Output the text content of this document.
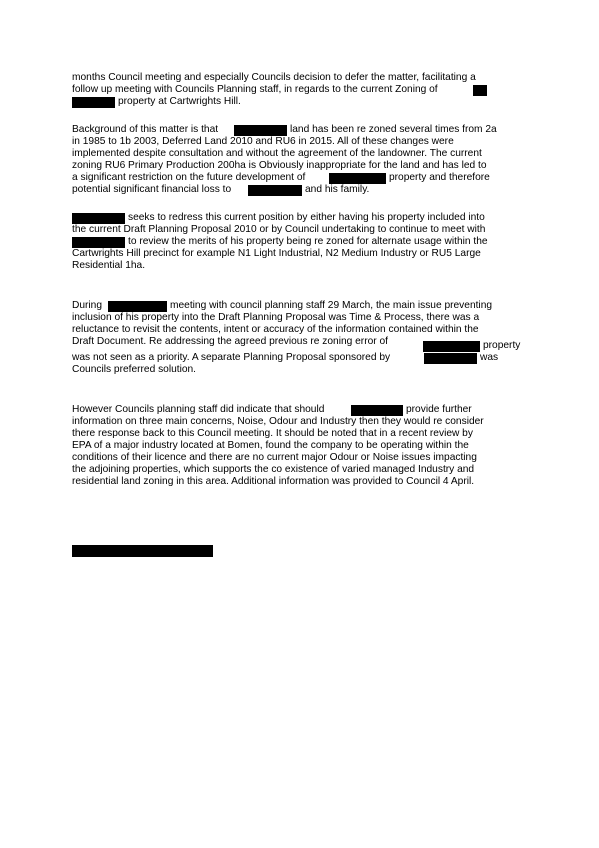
months Council meeting and especially Councils decision to defer the matter, facilitating a

follow up meeting with Councils Planning staff, in regards to the current Zoning of

property at Cartwrights Hill.

Background of this matter is that	land has been re zoned several times from 2a

in 1985 to 1b 2003, Deferred Land 2010 and RU6 in 2015. All of these changes were

implemented despite consultation and without the agreement of the landowner. The current

zoning RU6 Primary Production 200ha is Obviously inappropriate for the land and has led to

a significant restriction on the future development of	property and therefore

potential significant financial loss to	and his family.

seeks to redress this current position by either having his property included into

the current Draft Planning Proposal 2010 or by Council undertaking to continue to meet with

to review the merits of his property being re zoned for alternate usage within the

Cartwrights Hill precinct for example N1 Light Industrial, N2 Medium Industry or RU5 Large

Residential 1ha.

During	meeting with council planning staff 29 March, the main issue preventing

inclusion of his property into the Draft Planning Proposal was Time & Process, there was a

reluctance to revisit the contents, intent or accuracy of the information contained within the

Draft Document. Re addressing the agreed previous re zoning error of	property

was not seen as a priority. A separate Planning Proposal sponsored by	was

Councils preferred solution.

However Councils planning staff did indicate that should	provide further

information on three main concerns, Noise, Odour and Industry then they would re consider

there response back to this Council meeting. It should be noted that in a recent review by

EPA of a major industry located at Bomen, found the company to be operating within the

conditions of their licence and there are no current major Odour or Noise issues impacting

the adjoining properties, which supports the co existence of varied managed Industry and

residential land zoning in this area. Additional information was provided to Council 4 April.
